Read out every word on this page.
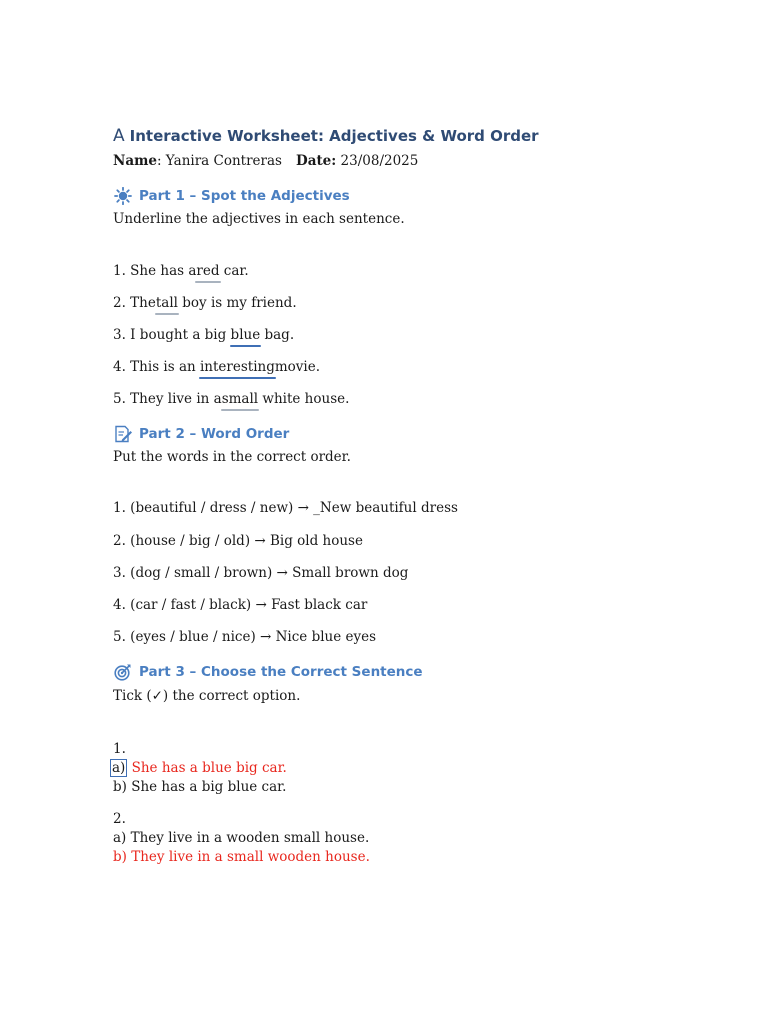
A Interactive Worksheet: Adjectives & Word Order
Name: Yanira Contreras Date: 23/08/2025
Part 1 – Spot the Adjectives
Underline the adjectives in each sentence.
1. She has ared car.
2. Thetall boy is my friend.
3. I bought a big blue bag.
4. This is an interestingmovie.
5. They live in asmall white house.
Part 2 – Word Order
Put the words in the correct order.
1. (beautiful / dress / new) → _New beautiful dress
2. (house / big / old) → Big old house
3. (dog / small / brown) → Small brown dog
4. (car / fast / black) → Fast black car
5. (eyes / blue / nice) → Nice blue eyes
Part 3 – Choose the Correct Sentence
Tick (✓) the correct option.
1.
a) She has a blue big car.
b) She has a big blue car.
2.
a) They live in a wooden small house.
b) They live in a small wooden house.
